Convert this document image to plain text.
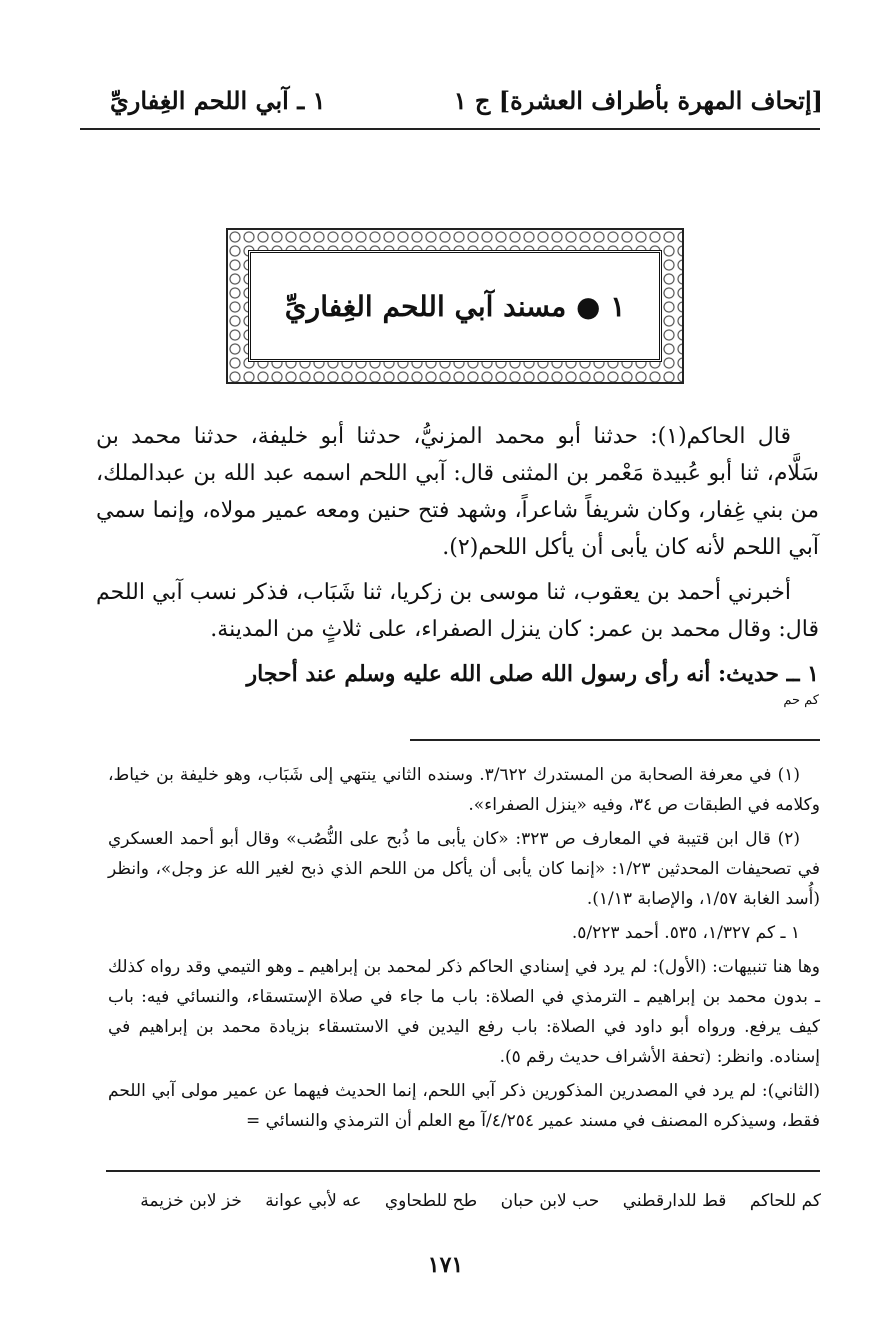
[إتحاف المهرة بأطراف العشرة] ج ١
١ ـ آبي اللحم الغِفاريِّ
١ ● مسند آبي اللحم الغِفاريِّ

قال الحاكم(١): حدثنا أبو محمد المزنيُّ، حدثنا أبو خليفة، حدثنا محمد بن سَلَّام، ثنا أبو عُبيدة مَعْمر بن المثنى قال: آبي اللحم اسمه عبد الله بن عبدالملك، من بني غِفار، وكان شريفاً شاعراً، وشهد فتح حنين ومعه عمير مولاه، وإنما سمي آبي اللحم لأنه كان يأبى أن يأكل اللحم(٢).

أخبرني أحمد بن يعقوب، ثنا موسى بن زكريا، ثنا شَبَاب، فذكر نسب آبي اللحم قال: وقال محمد بن عمر: كان ينزل الصفراء، على ثلاثٍ من المدينة.

١ ــ حديث: أنه رأى رسول الله صلى الله عليه وسلم عند أحجار

كم حم

(١) في معرفة الصحابة من المستدرك ٣/٦٢٢. وسنده الثاني ينتهي إلى شَبَاب، وهو خليفة بن خياط، وكلامه في الطبقات ص ٣٤، وفيه «ينزل الصفراء».

(٢) قال ابن قتيبة في المعارف ص ٣٢٣: «كان يأبى ما ذُبح على النُّصُب» وقال أبو أحمد العسكري في تصحيفات المحدثين ١/٢٣: «إنما كان يأبى أن يأكل من اللحم الذي ذبح لغير الله عز وجل»، وانظر (أُسد الغابة ١/٥٧، والإصابة ١/١٣).

١ ـ كم ١/٣٢٧، ٥٣٥. أحمد ٥/٢٢٣.

وها هنا تنبيهات: (الأول): لم يرد في إسنادي الحاكم ذكر لمحمد بن إبراهيم ـ وهو التيمي وقد رواه كذلك ـ بدون محمد بن إبراهيم ـ الترمذي في الصلاة: باب ما جاء في صلاة الإستسقاء، والنسائي فيه: باب كيف يرفع. ورواه أبو داود في الصلاة: باب رفع اليدين في الاستسقاء بزيادة محمد بن إبراهيم في إسناده. وانظر: (تحفة الأشراف حديث رقم ٥).

(الثاني): لم يرد في المصدرين المذكورين ذكر آبي اللحم، إنما الحديث فيهما عن عمير مولى آبي اللحم فقط، وسيذكره المصنف في مسند عمير ٤/٢٥٤/آ مع العلم أن الترمذي والنسائي =

كم للحاكم قط للدارقطني حب لابن حبان طح للطحاوي عه لأبي عوانة خز لابن خزيمة
١٧١
